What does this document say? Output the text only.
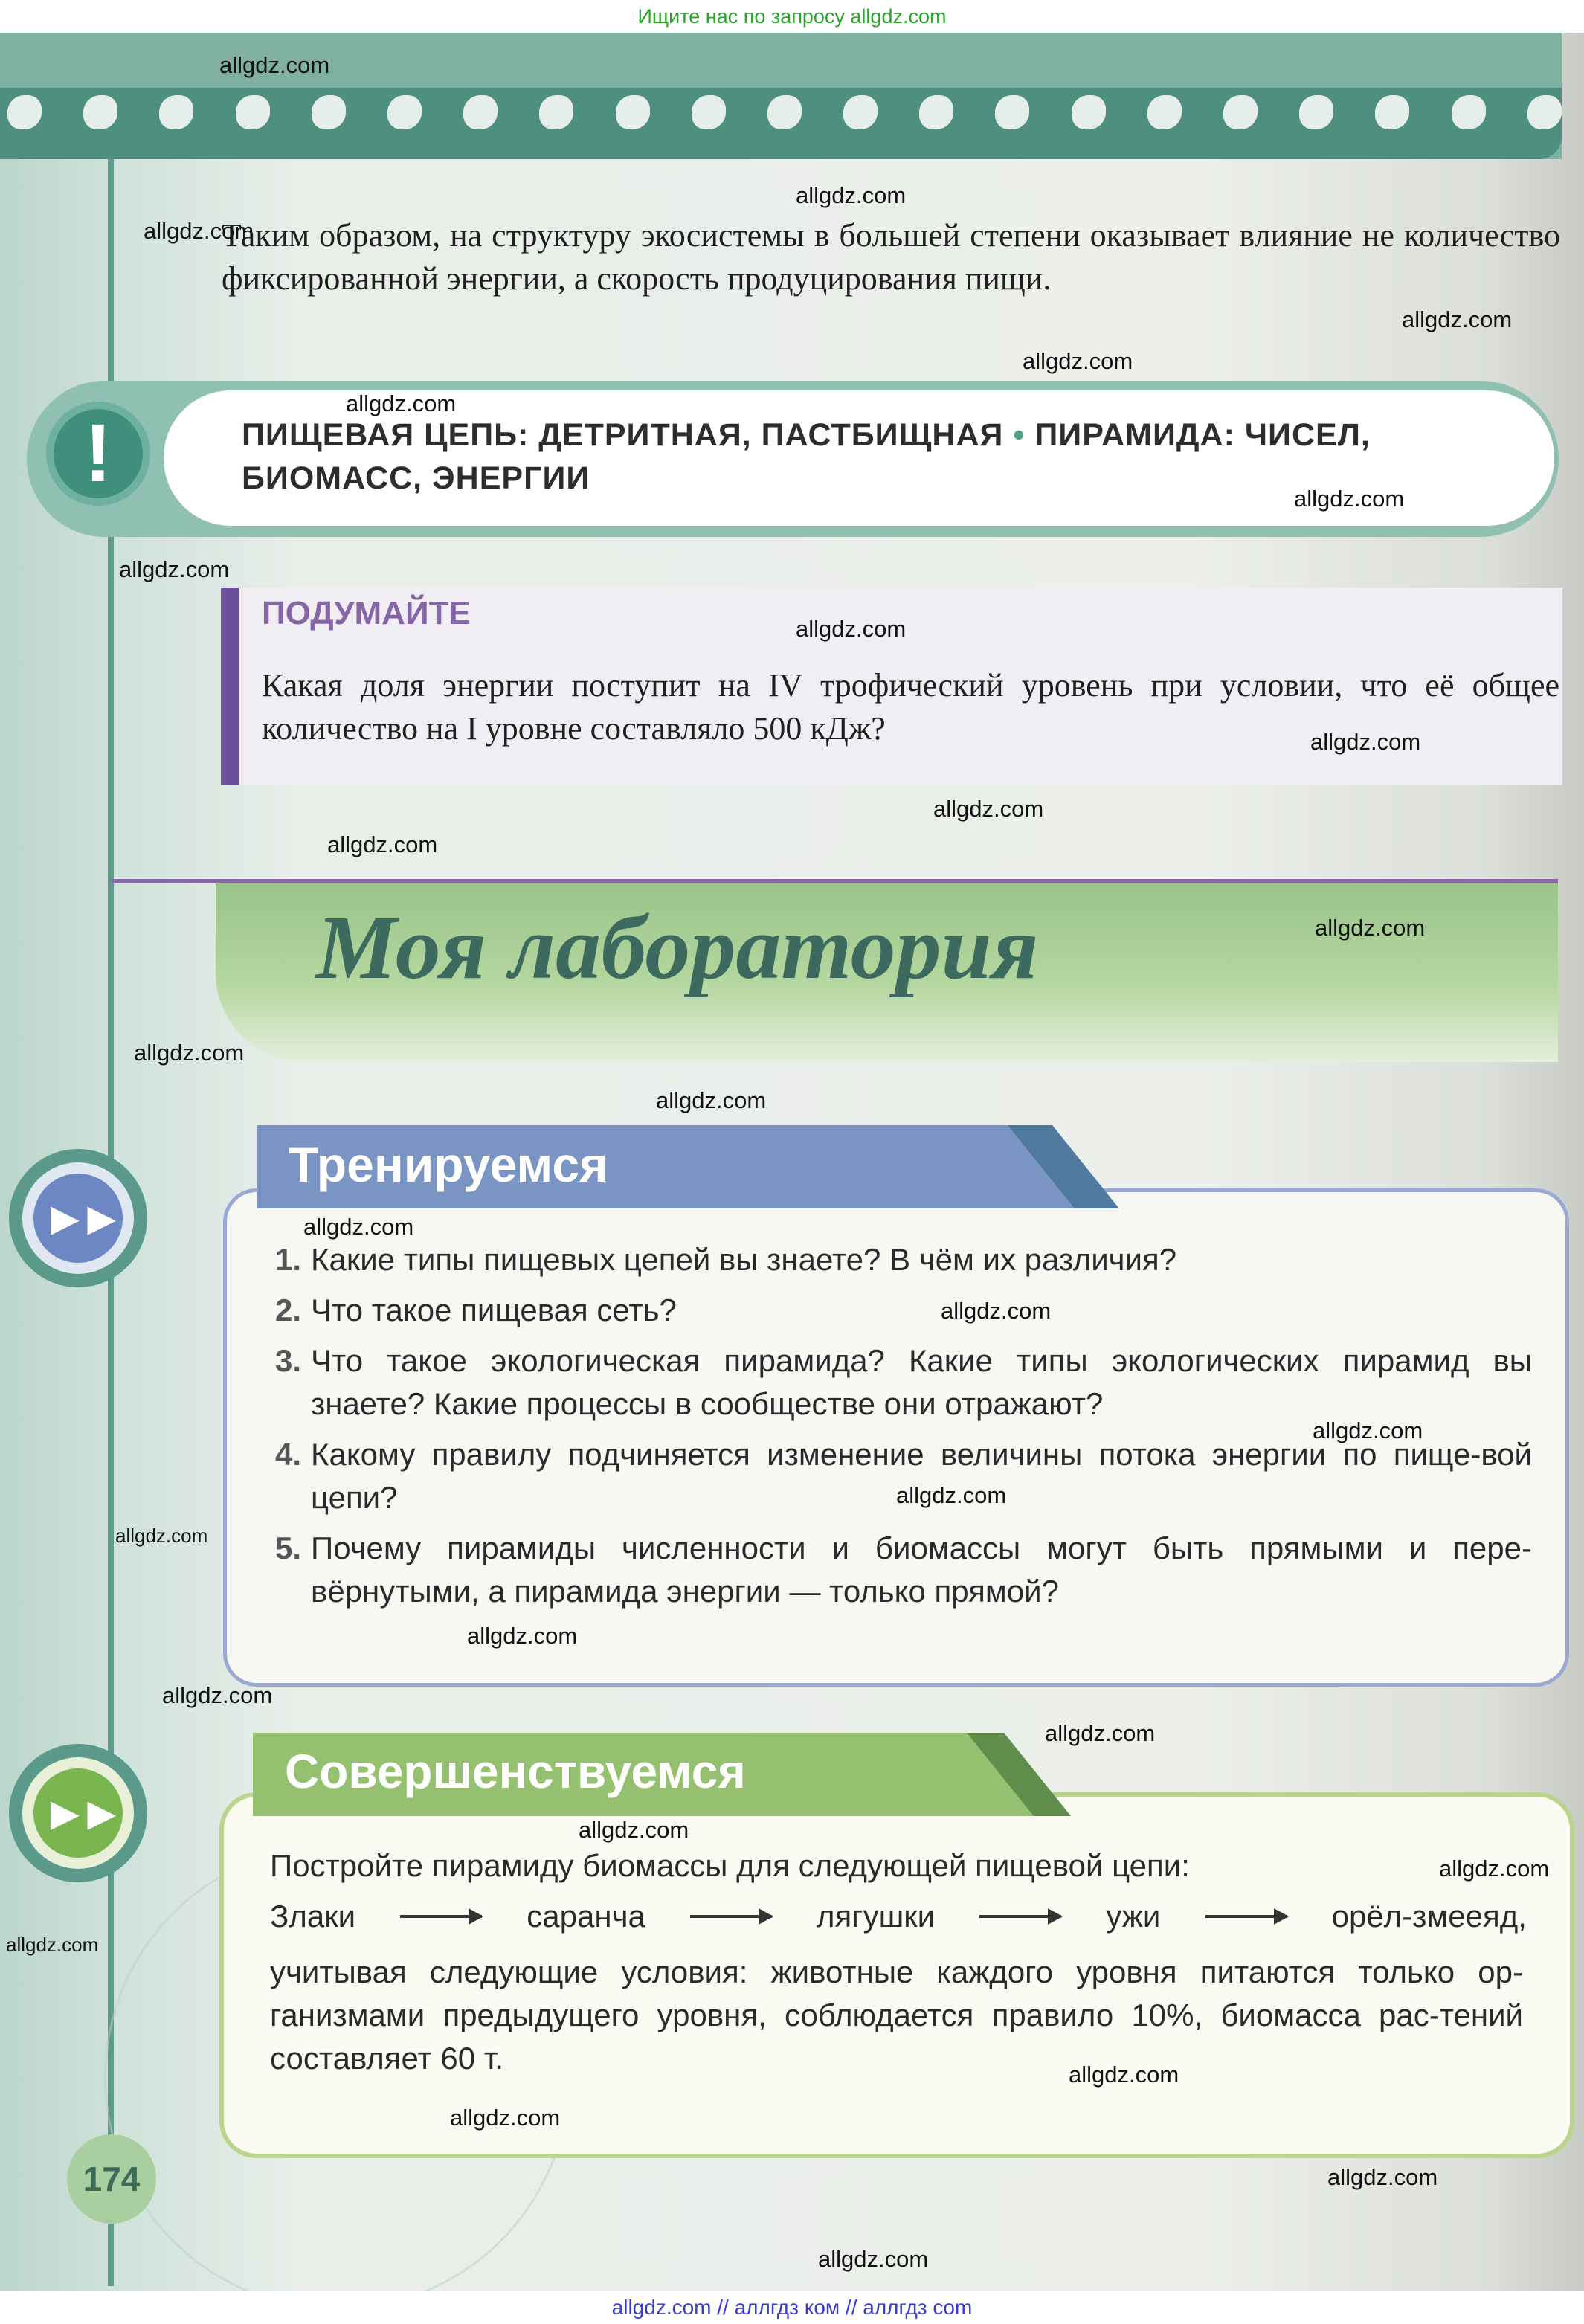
Ищите нас по запросу allgdz.com
Таким образом, на структуру экосистемы в большей степени оказывает влияние не количество фиксированной энергии, а скорость продуцирования пищи.
!	ПИЩЕВАЯ ЦЕПЬ: ДЕТРИТНАЯ, ПАСТБИЩНАЯ • ПИРАМИДА: ЧИСЕЛ, БИОМАСС, ЭНЕРГИИ
ПОДУМАЙТЕ
Какая доля энергии поступит на IV трофический уровень при условии, что её общее количество на I уровне составляло 500 кДж?
Моя лаборатория
►►
Тренируемся
1. Какие типы пищевых цепей вы знаете? В чём их различия?
2. Что такое пищевая сеть?
3. Что такое экологическая пирамида? Какие типы экологических пирамид вы знаете? Какие процессы в сообществе они отражают?
4. Какому правилу подчиняется изменение величины потока энергии по пище-вой цепи?
5. Почему пирамиды численности и биомассы могут быть прямыми и пере-вёрнутыми, а пирамида энергии — только прямой?
►►
Совершенствуемся
Постройте пирамиду биомассы для следующей пищевой цепи:
Злаки	саранча	лягушки	ужи	орёл-змееяд,
учитывая следующие условия: животные каждого уровня питаются только ор-ганизмами предыдущего уровня, соблюдается правило 10%, биомасса рас-тений составляет 60 т.
174
allgdz.com
allgdz.com
allgdz.com
allgdz.com
allgdz.com
allgdz.com
allgdz.com
allgdz.com
allgdz.com
allgdz.com
allgdz.com
allgdz.com
allgdz.com
allgdz.com
allgdz.com
allgdz.com
allgdz.com
allgdz.com
allgdz.com
allgdz.com
allgdz.com
allgdz.com
allgdz.com
allgdz.com
allgdz.com
allgdz.com
allgdz.com
allgdz.com
allgdz.com
allgdz.com
allgdz.com // аллгдз ком // аллгдз com
